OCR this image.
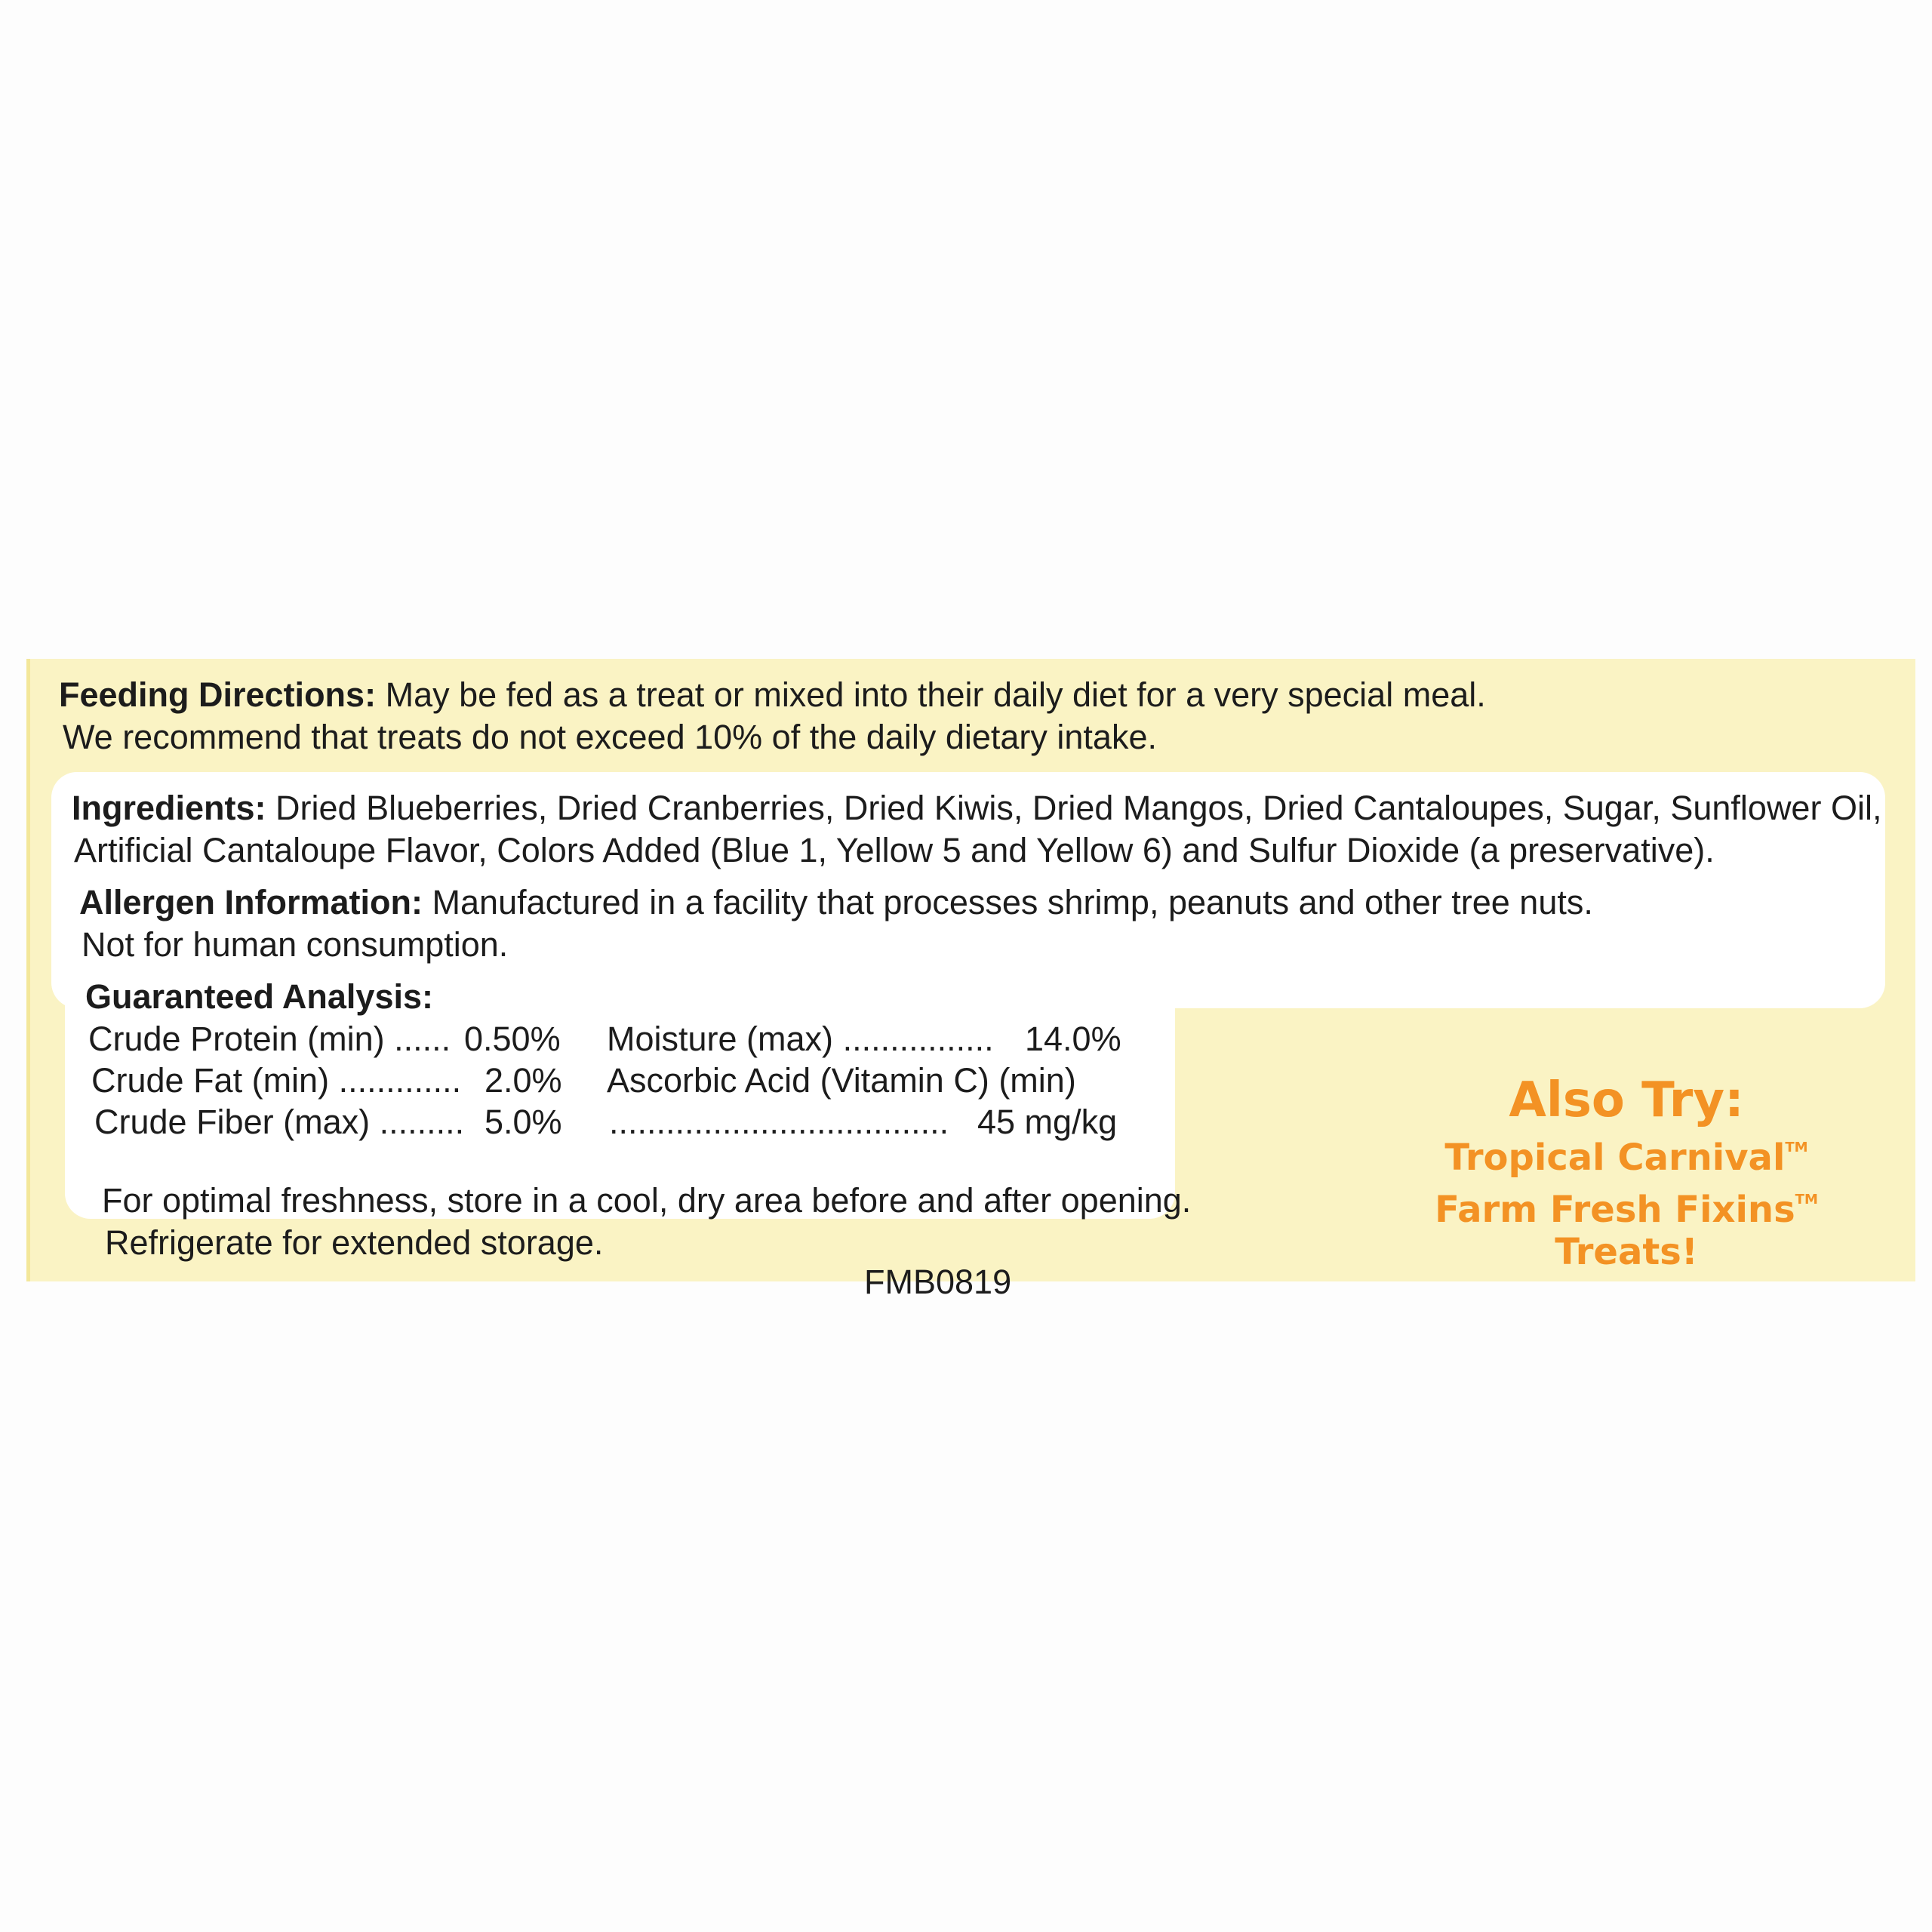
Feeding Directions: May be fed as a treat or mixed into their daily diet for a very special meal.
We recommend that treats do not exceed 10% of the daily dietary intake.
Ingredients: Dried Blueberries, Dried Cranberries, Dried Kiwis, Dried Mangos, Dried Cantaloupes, Sugar, Sunflower Oil,
Artificial Cantaloupe Flavor, Colors Added (Blue 1, Yellow 5 and Yellow 6) and Sulfur Dioxide (a preservative).
Allergen Information: Manufactured in a facility that processes shrimp, peanuts and other tree nuts.
Not for human consumption.
Guaranteed Analysis:
Crude Protein (min) ...... 0.50%
Crude Fat (min) ............. 2.0%
Crude Fiber (max) ......... 5.0%
Moisture (max) ................ 14.0%
Ascorbic Acid (Vitamin C) (min)
.................................... 45 mg/kg
For optimal freshness, store in a cool, dry area before and after opening.
Refrigerate for extended storage.
Also Try:
Tropical Carnival™
Farm Fresh Fixins™
Treats!
FMB0819
